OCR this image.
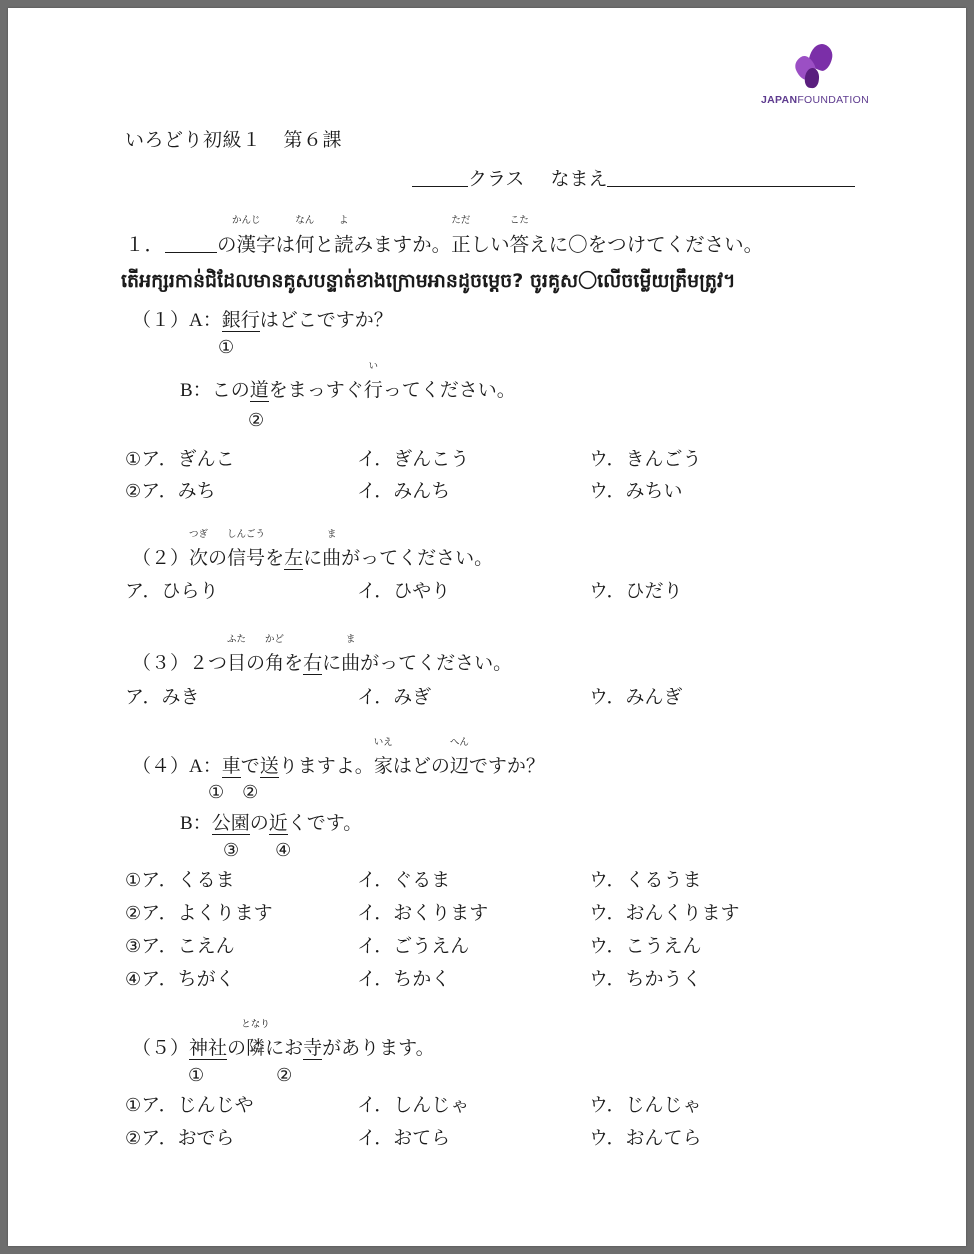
JAPANFOUNDATION
いろどり初級１ 第６課
クラス なまえ
１．
かんじ
の漢字は
なん
何と
よ
読みますか。
ただ
正しい
こた
答えに〇をつけてください。
តើអក្សរកាន់ជិដែលមានគូសបន្ទាត់ខាងក្រោមអានដូចម្តេច? ចូរគូស〇លើចម្លើយត្រឹមត្រូវ។
（１）A：銀行はどこですか？
①
B：この道をまっすぐ
い
行ってください。
②
①ア．ぎんこ	イ．ぎんこう	ウ．きんごう
②ア．みち	イ．みんち	ウ．みちい
（２）
つぎ
次の
しんごう
信号を左に
ま
曲がってください。
ア．ひらり	イ．ひやり	ウ．ひだり
（３）２つ
ふた
目の
かど
角を右に
ま
曲がってください。
ア．みき	イ．みぎ	ウ．みんぎ
（４）A：車で送りますよ。
いえ
家はどの
へん
辺ですか？
①　②
B：公園の近くです。
③　　④
①ア．くるま	イ．ぐるま	ウ．くるうま
②ア．よくります	イ．おくります	ウ．おんくります
③ア．こえん	イ．ごうえん	ウ．こうえん
④ア．ちがく	イ．ちかく	ウ．ちかうく
（５）神社の
となり
隣にお寺があります。
①　　　　②
①ア．じんじや	イ．しんじゃ	ウ．じんじゃ
②ア．おでら	イ．おてら	ウ．おんてら
